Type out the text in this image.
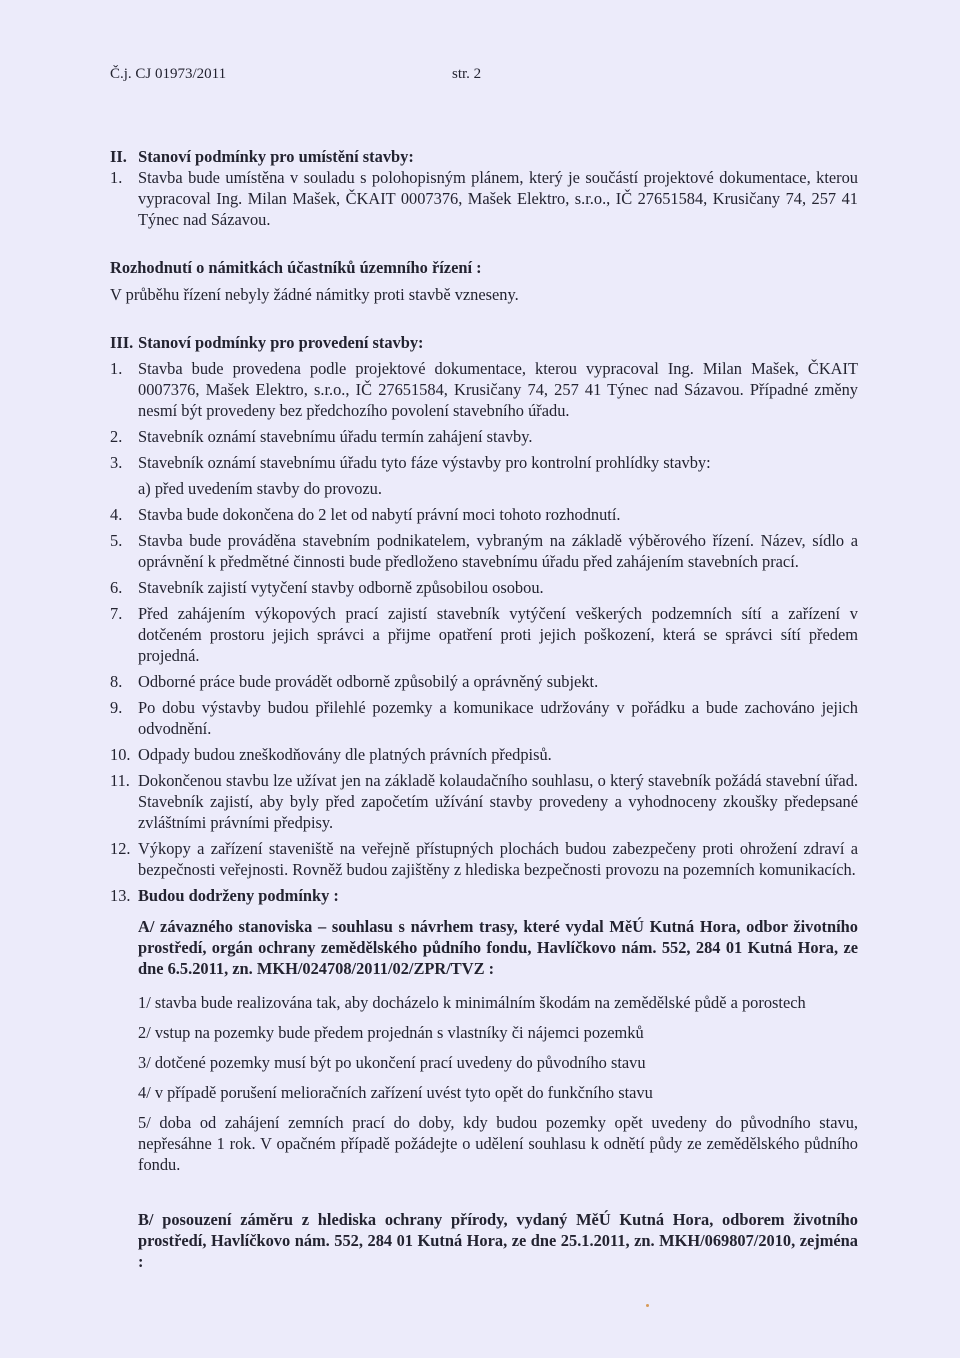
Č.j. CJ 01973/2011	str. 2

II. Stanoví podmínky pro umístění stavby:

1. Stavba bude umístěna v souladu s polohopisným plánem, který je součástí projektové dokumentace, kterou vypracoval Ing. Milan Mašek, ČKAIT 0007376, Mašek Elektro, s.r.o., IČ 27651584, Krusičany 74, 257 41 Týnec nad Sázavou.

Rozhodnutí o námitkách účastníků územního řízení :

V průběhu řízení nebyly žádné námitky proti stavbě vzneseny.

III. Stanoví podmínky pro provedení stavby:

1. Stavba bude provedena podle projektové dokumentace, kterou vypracoval Ing. Milan Mašek, ČKAIT 0007376, Mašek Elektro, s.r.o., IČ 27651584, Krusičany 74, 257 41 Týnec nad Sázavou. Případné změny nesmí být provedeny bez předchozího povolení stavebního úřadu.
2. Stavebník oznámí stavebnímu úřadu termín zahájení stavby.
3. Stavebník oznámí stavebnímu úřadu tyto fáze výstavby pro kontrolní prohlídky stavby:

a) před uvedením stavby do provozu.

4. Stavba bude dokončena do 2 let od nabytí právní moci tohoto rozhodnutí.
5. Stavba bude prováděna stavebním podnikatelem, vybraným na základě výběrového řízení. Název, sídlo a oprávnění k předmětné činnosti bude předloženo stavebnímu úřadu před zahájením stavebních prací.
6. Stavebník zajistí vytyčení stavby odborně způsobilou osobou.
7. Před zahájením výkopových prací zajistí stavebník vytýčení veškerých podzemních sítí a zařízení v dotčeném prostoru jejich správci a přijme opatření proti jejich poškození, která se správci sítí předem projedná.
8. Odborné práce bude provádět odborně způsobilý a oprávněný subjekt.
9. Po dobu výstavby budou přilehlé pozemky a komunikace udržovány v pořádku a bude zachováno jejich odvodnění.
10. Odpady budou zneškodňovány dle platných právních předpisů.
11. Dokončenou stavbu lze užívat jen na základě kolaudačního souhlasu, o který stavebník požádá stavební úřad. Stavebník zajistí, aby byly před započetím užívání stavby provedeny a vyhodnoceny zkoušky předepsané zvláštními právními předpisy.
12. Výkopy a zařízení staveniště na veřejně přístupných plochách budou zabezpečeny proti ohrožení zdraví a bezpečnosti veřejnosti. Rovněž budou zajištěny z hlediska bezpečnosti provozu na pozemních komunikacích.
13. Budou dodrženy podmínky :

A/ závazného stanoviska – souhlasu s návrhem trasy, které vydal MěÚ Kutná Hora, odbor životního prostředí, orgán ochrany zemědělského půdního fondu, Havlíčkovo nám. 552, 284 01 Kutná Hora, ze dne 6.5.2011, zn. MKH/024708/2011/02/ZPR/TVZ :

1/ stavba bude realizována tak, aby docházelo k minimálním škodám na zemědělské půdě a porostech

2/ vstup na pozemky bude předem projednán s vlastníky či nájemci pozemků

3/ dotčené pozemky musí být po ukončení prací uvedeny do původního stavu

4/ v případě porušení melioračních zařízení uvést tyto opět do funkčního stavu

5/ doba od zahájení zemních prací do doby, kdy budou pozemky opět uvedeny do původního stavu, nepřesáhne 1 rok. V opačném případě požádejte o udělení souhlasu k odnětí půdy ze zemědělského půdního fondu.

B/ posouzení záměru z hlediska ochrany přírody, vydaný MěÚ Kutná Hora, odborem životního prostředí, Havlíčkovo nám. 552, 284 01 Kutná Hora, ze dne 25.1.2011, zn. MKH/069807/2010, zejména :
